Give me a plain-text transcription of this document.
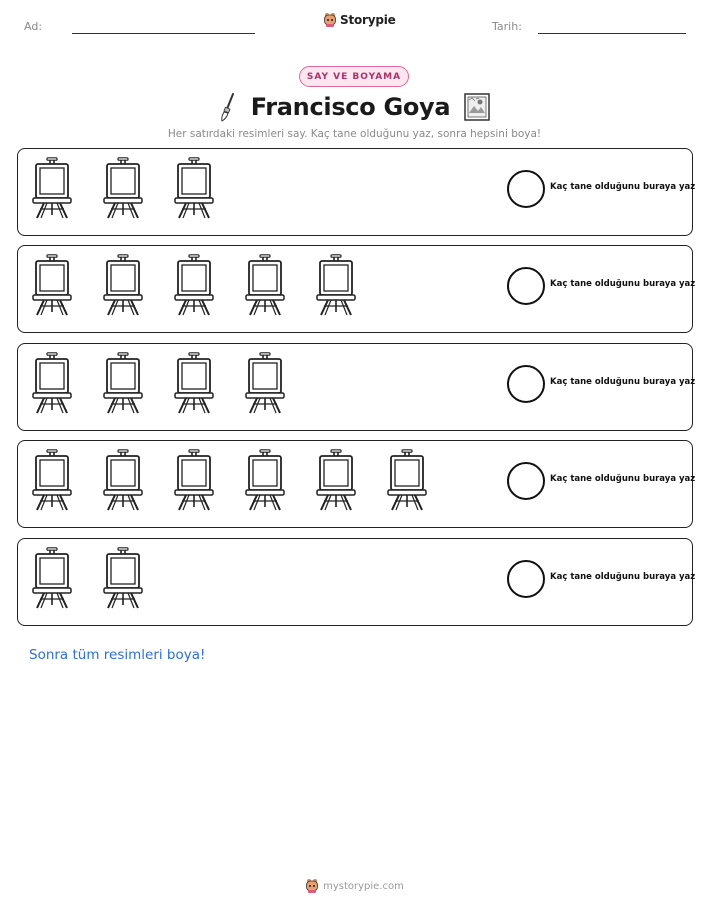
Ad:	Storypie	Tarih:
SAY VE BOYAMA
Francisco Goya
Her satırdaki resimleri say. Kaç tane olduğunu yaz, sonra hepsini boya!
Kaç tane olduğunu buraya yaz
Kaç tane olduğunu buraya yaz
Kaç tane olduğunu buraya yaz
Kaç tane olduğunu buraya yaz
Kaç tane olduğunu buraya yaz
Sonra tüm resimleri boya!
mystorypie.com
